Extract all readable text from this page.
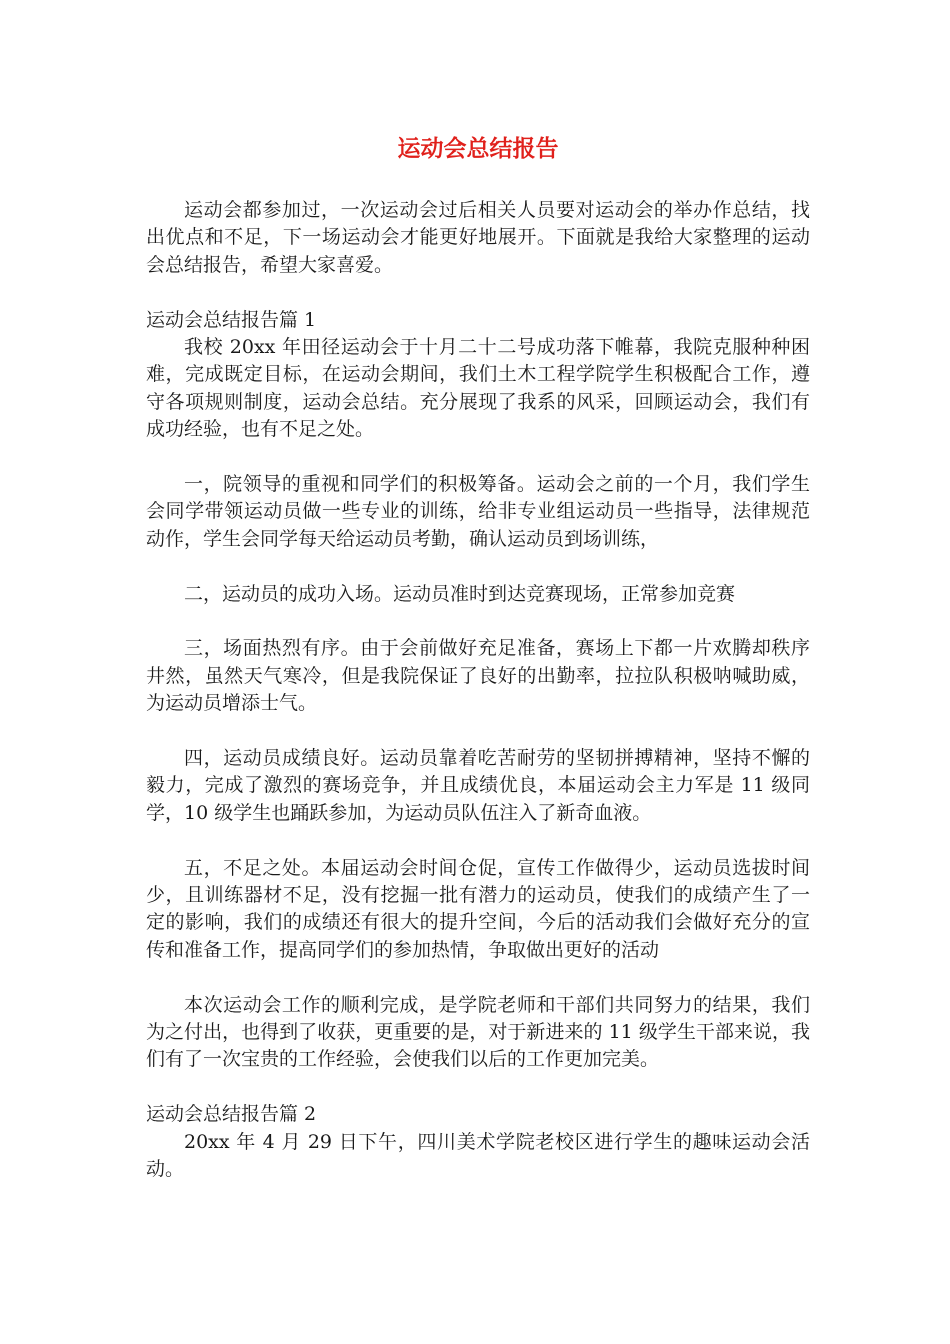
运动会总结报告

运动会都参加过，一次运动会过后相关人员要对运动会的举办作总结，找出优点和不足，下一场运动会才能更好地展开。下面就是我给大家整理的运动会总结报告，希望大家喜爱。

运动会总结报告篇 1

我校 20xx 年田径运动会于十月二十二号成功落下帷幕，我院克服种种困难，完成既定目标，在运动会期间，我们土木工程学院学生积极配合工作，遵守各项规则制度，运动会总结。充分展现了我系的风采，回顾运动会，我们有成功经验，也有不足之处。

一，院领导的重视和同学们的积极筹备。运动会之前的一个月，我们学生会同学带领运动员做一些专业的训练，给非专业组运动员一些指导，法律规范动作，学生会同学每天给运动员考勤，确认运动员到场训练，

二，运动员的成功入场。运动员准时到达竞赛现场，正常参加竞赛

三，场面热烈有序。由于会前做好充足准备，赛场上下都一片欢腾却秩序井然，虽然天气寒冷，但是我院保证了良好的出勤率，拉拉队积极呐喊助威，为运动员增添士气。

四，运动员成绩良好。运动员靠着吃苦耐劳的坚韧拼搏精神，坚持不懈的毅力，完成了激烈的赛场竞争，并且成绩优良，本届运动会主力军是 11 级同学，10 级学生也踊跃参加，为运动员队伍注入了新奇血液。

五，不足之处。本届运动会时间仓促，宣传工作做得少，运动员选拔时间少，且训练器材不足，没有挖掘一批有潜力的运动员，使我们的成绩产生了一定的影响，我们的成绩还有很大的提升空间，今后的活动我们会做好充分的宣传和准备工作，提高同学们的参加热情，争取做出更好的活动

本次运动会工作的顺利完成，是学院老师和干部们共同努力的结果，我们为之付出，也得到了收获，更重要的是，对于新进来的 11 级学生干部来说，我们有了一次宝贵的工作经验，会使我们以后的工作更加完美。

运动会总结报告篇 2

20xx 年 4 月 29 日下午，四川美术学院老校区进行学生的趣味运动会活动。
